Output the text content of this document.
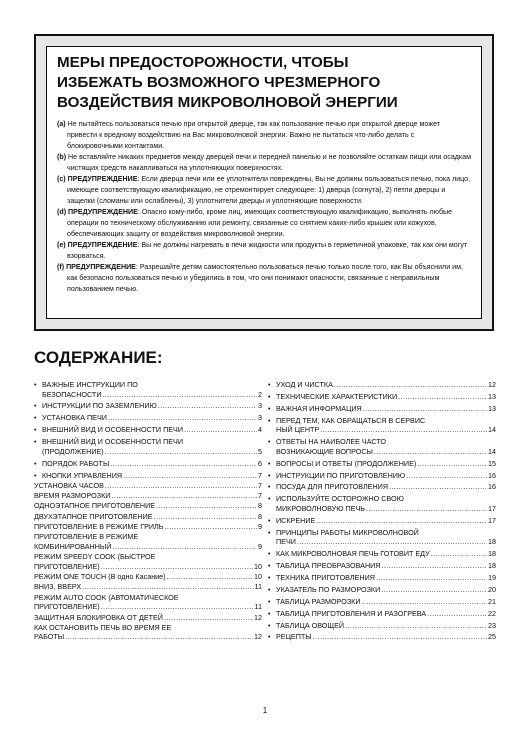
МЕРЫ ПРЕДОСТОРОЖНОСТИ, ЧТОБЫ
ИЗБЕЖАТЬ ВОЗМОЖНОГО ЧРЕЗМЕРНОГО
ВОЗДЕЙСТВИЯ МИКРОВОЛНОВОЙ ЭНЕРГИИ
(a) Не пытайтесь пользоваться печью при открытой дверце, так как пользование печью при открытой дверце может привести к вредному воздействию на Вас микроволновой энергии. Важно не пытаться что-либо делать с блокировочными контактами.
(b) Не вставляйте никаких предметов между дверцей печи и передней панелью и не позволяйте остаткам пищи или осадкам чистящих средств накапливаться на уплотняющих поверхностях.
(c) ПРЕДУПРЕЖДЕНИЕ: Если дверца печи или ее уплотнители повреждены, Вы не должны пользоваться печью, пока лицо, имеющее соответствующую квалификацию, не отремонтирует следующее: 1) дверца (согнута), 2) петли дверцы и защелки (сломаны или ослаблены), 3) уплотнители дверцы и уплотняющие поверхности.
(d) ПРЕДУПРЕЖДЕНИЕ: Опасно кому-либо, кроме лиц, имеющих соответствующую квалификацию, выполнять любые операции по техническому обслуживанию или ремонту, связанные со снятием каких-либо крышек или кожухов, обеспечивающих защиту от воздействия микроволновой энергии.
(e) ПРЕДУПРЕЖДЕНИЕ: Вы не должны нагревать в печи жидкости или продукты в герметичной упаковке, так как они могут взорваться.
(f) ПРЕДУПРЕЖДЕНИЕ: Разрешайте детям самостоятельно пользоваться печью только после того, как Вы объяснили им, как безопасно пользоваться печью и убедились в том, что они понимают опасности, связанные с неправильным пользованием печью.
СОДЕРЖАНИЕ:
• ВАЖНЫЕ ИНСТРУКЦИИ ПО
БЕЗОПАСНОСТИ .....	2
• ИНСТРУКЦИИ ПО ЗАЗЕМЛЕНИЮ .....	3
• УСТАНОВКА ПЕЧИ .....	3
• ВНЕШНИЙ ВИД И ОСОБЕННОСТИ ПЕЧИ .....	4
• ВНЕШНИЙ ВИД И ОСОБЕННОСТИ ПЕЧИ
(ПРОДОЛЖЕНИЕ) .....	5
• ПОРЯДОК РАБОТЫ .....	6
• КНОПКИ УПРАВЛЕНИЯ .....	7
УСТАНОВКА ЧАСОВ .....	7
ВРЕМЯ РАЗМОРОЗКИ .....	7
ОДНОЭТАПНОЕ ПРИГОТОВЛЕНИЕ .....	8
ДВУХЭТАПНОЕ ПРИГОТОВЛЕНИЕ .....	8
ПРИГОТОВЛЕНИЕ В РЕЖИМЕ ГРИЛЬ .....	9
ПРИГОТОВЛЕНИЕ В РЕЖИМЕ
КОМБИНИРОВАННЫЙ .....	9
РЕЖИМ SPEEDY COOK (БЫСТРОЕ
ПРИГОТОВЛЕНИЕ) .....	10
РЕЖИМ ONE TOUCH (В одно Касание) .....	10
ВНИЗ, ВВЕРХ .....	11
РЕЖИМ AUTO COOK (АВТОМАТИЧЕСКОЕ
ПРИГОТОВЛЕНИЕ) .....	11
ЗАЩИТНАЯ БЛОКИРОВКА ОТ ДЕТЕЙ .....	12
КАК ОСТАНОВИТЬ ПЕЧЬ ВО ВРЕМЯ ЕЕ
РАБОТЫ .....	12
• УХОД И ЧИСТКА .....	12
• ТЕХНИЧЕСКИЕ ХАРАКТЕРИСТИКИ .....	13
• ВАЖНАЯ ИНФОРМАЦИЯ .....	13
• ПЕРЕД ТЕМ, КАК ОБРАЩАТЬСЯ В СЕРВИС
НЫЙ ЦЕНТР .....	14
• ОТВЕТЫ НА НАИБОЛЕЕ ЧАСТО
ВОЗНИКАЮЩИЕ ВОПРОСЫ .....	14
• ВОПРОСЫ И ОТВЕТЫ (ПРОДОЛЖЕНИЕ) .....	15
• ИНСТРУКЦИИ ПО ПРИГОТОВЛЕНИЮ .....	16
• ПОСУДА ДЛЯ ПРИГОТОВЛЕНИЯ .....	16
• ИСПОЛЬЗУЙТЕ ОСТОРОЖНО СВОЮ
МИКРОВОЛНОВУЮ ПЕЧЬ .....	17
• ИСКРЕНИЕ .....	17
• ПРИНЦИПЫ РАБОТЫ МИКРОВОЛНОВОЙ
ПЕЧИ .....	18
• КАК МИКРОВОЛНОВАЯ ПЕЧЬ ГОТОВИТ ЕДУ .....	18
• ТАБЛИЦА ПРЕОБРАЗОВАНИЯ .....	18
• ТЕХНИКА ПРИГОТОВЛЕНИЯ .....	19
• УКАЗАТЕЛЬ ПО РАЗМОРОЗКИ .....	20
• ТАБЛИЦА РАЗМОРОЗКИ .....	21
• ТАБЛИЦА ПРИГОТОВЛЕНИЯ И РАЗОГРЕВА .....	22
• ТАБЛИЦА ОВОЩЕЙ .....	23
• РЕЦЕПТЫ .....	25
1
